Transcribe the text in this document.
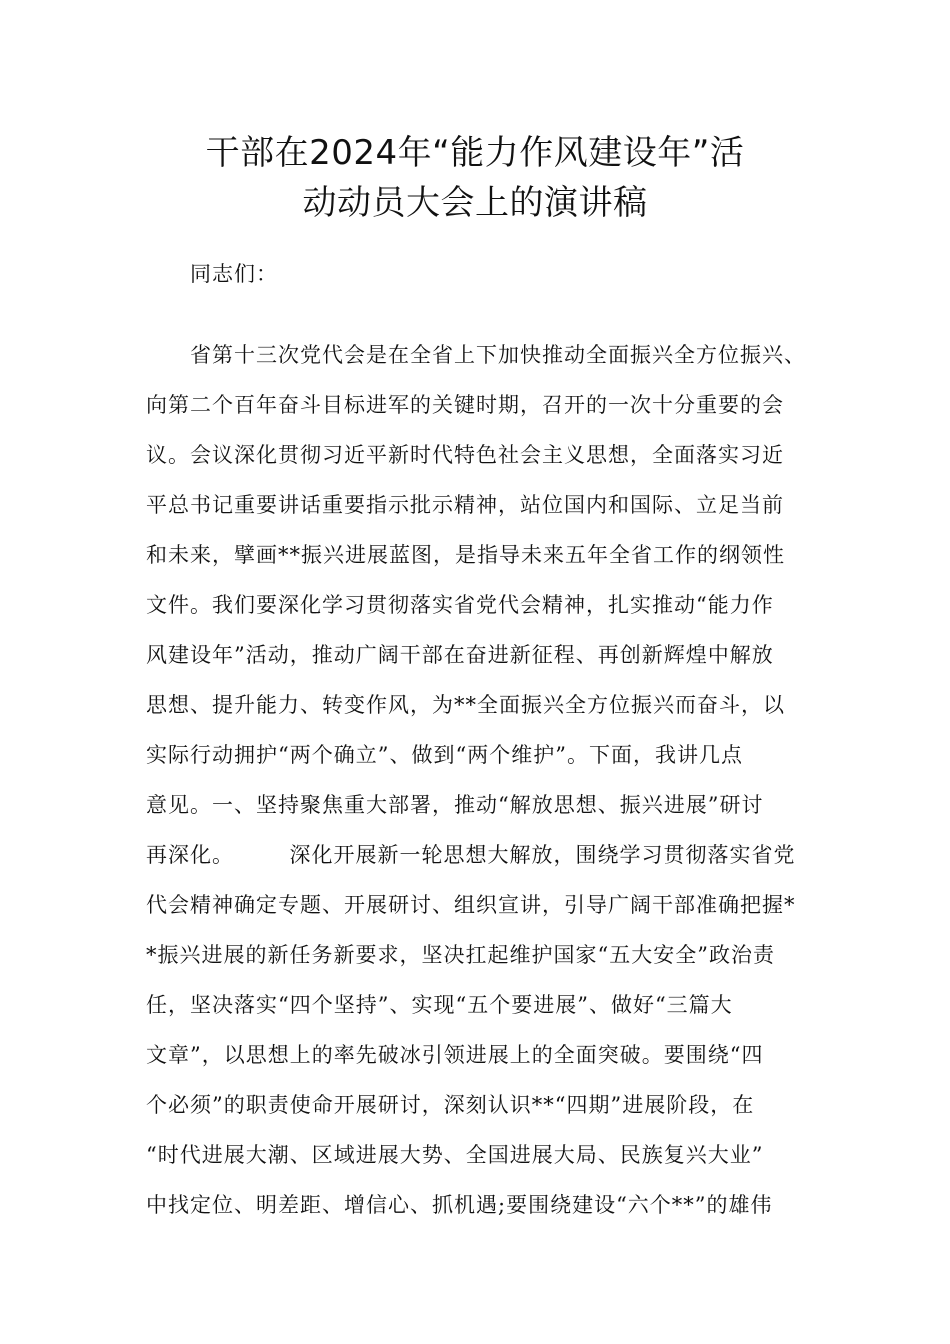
干部在2024年“能力作风建设年”活
动动员大会上的演讲稿
同志们：
　　省第十三次党代会是在全省上下加快推动全面振兴全方位振兴、
向第二个百年奋斗目标进军的关键时期，召开的一次十分重要的会
议。会议深化贯彻习近平新时代特色社会主义思想，全面落实习近
平总书记重要讲话重要指示批示精神，站位国内和国际、立足当前
和未来，擘画**振兴进展蓝图，是指导未来五年全省工作的纲领性
文件。我们要深化学习贯彻落实省党代会精神，扎实推动“能力作
风建设年”活动，推动广阔干部在奋进新征程、再创新辉煌中解放
思想、提升能力、转变作风，为**全面振兴全方位振兴而奋斗，以
实际行动拥护“两个确立”、做到“两个维护”。下面，我讲几点
意见。一、坚持聚焦重大部署，推动“解放思想、振兴进展”研讨
再深化。　　　深化开展新一轮思想大解放，围绕学习贯彻落实省党
代会精神确定专题、开展研讨、组织宣讲，引导广阔干部准确把握*
*振兴进展的新任务新要求，坚决扛起维护国家“五大安全”政治责
任，坚决落实“四个坚持”、实现“五个要进展”、做好“三篇大
文章”，以思想上的率先破冰引领进展上的全面突破。要围绕“四
个必须”的职责使命开展研讨，深刻认识**“四期”进展阶段，在
“时代进展大潮、区域进展大势、全国进展大局、民族复兴大业”
中找定位、明差距、增信心、抓机遇;要围绕建设“六个**”的雄伟
